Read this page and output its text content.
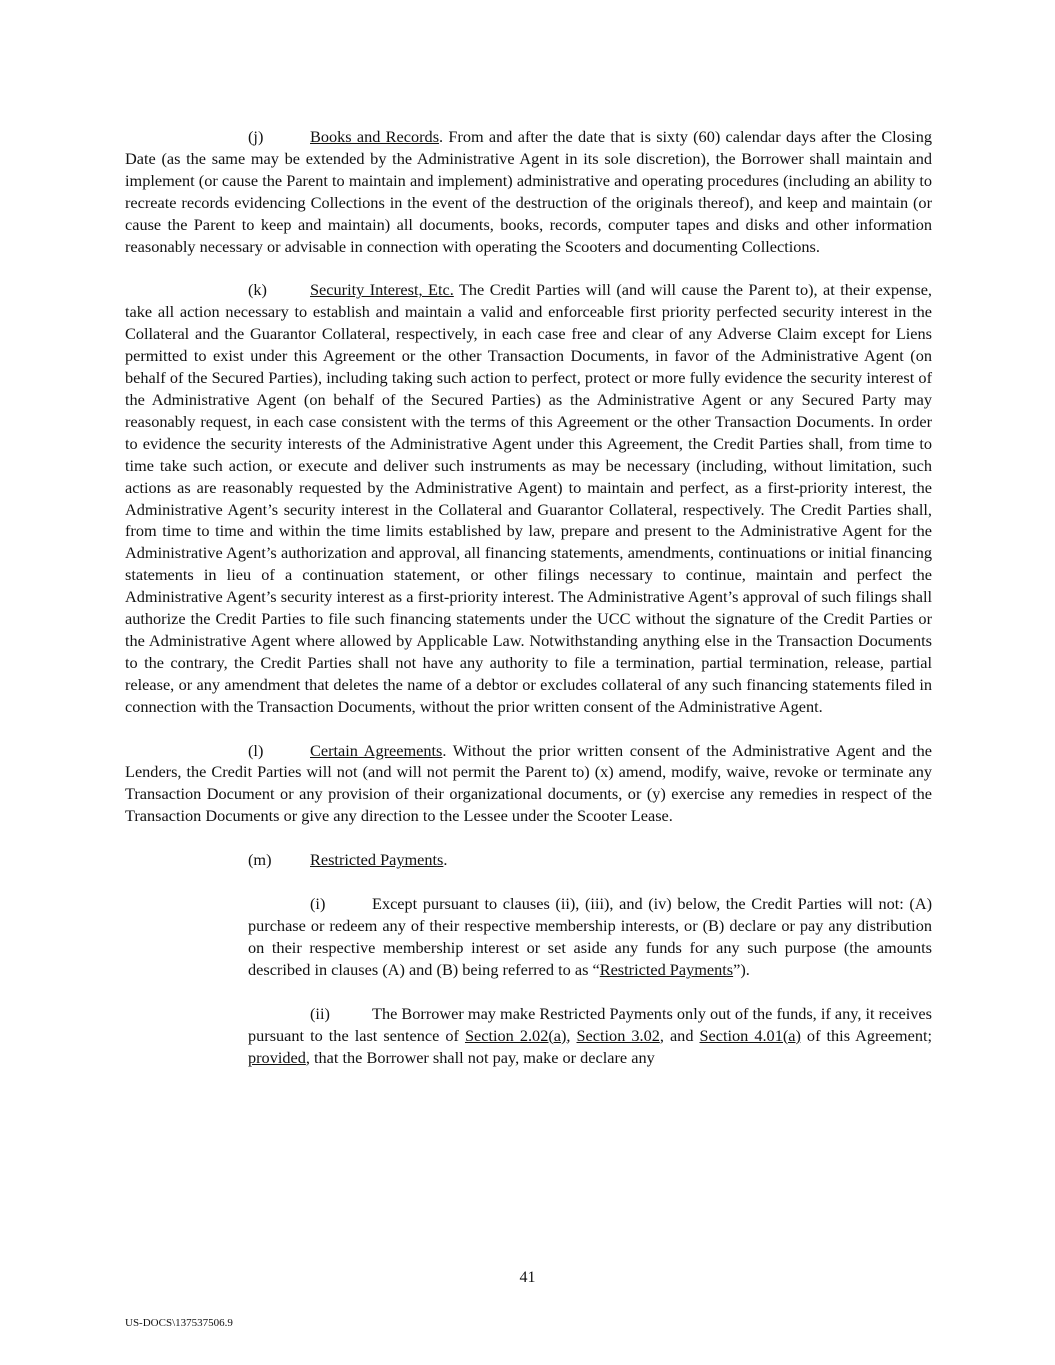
(j)	Books and Records. From and after the date that is sixty (60) calendar days after the Closing Date (as the same may be extended by the Administrative Agent in its sole discretion), the Borrower shall maintain and implement (or cause the Parent to maintain and implement) administrative and operating procedures (including an ability to recreate records evidencing Collections in the event of the destruction of the originals thereof), and keep and maintain (or cause the Parent to keep and maintain) all documents, books, records, computer tapes and disks and other information reasonably necessary or advisable in connection with operating the Scooters and documenting Collections.

(k)	Security Interest, Etc. The Credit Parties will (and will cause the Parent to), at their expense, take all action necessary to establish and maintain a valid and enforceable first priority perfected security interest in the Collateral and the Guarantor Collateral, respectively, in each case free and clear of any Adverse Claim except for Liens permitted to exist under this Agreement or the other Transaction Documents, in favor of the Administrative Agent (on behalf of the Secured Parties), including taking such action to perfect, protect or more fully evidence the security interest of the Administrative Agent (on behalf of the Secured Parties) as the Administrative Agent or any Secured Party may reasonably request, in each case consistent with the terms of this Agreement or the other Transaction Documents. In order to evidence the security interests of the Administrative Agent under this Agreement, the Credit Parties shall, from time to time take such action, or execute and deliver such instruments as may be necessary (including, without limitation, such actions as are reasonably requested by the Administrative Agent) to maintain and perfect, as a first-priority interest, the Administrative Agent’s security interest in the Collateral and Guarantor Collateral, respectively. The Credit Parties shall, from time to time and within the time limits established by law, prepare and present to the Administrative Agent for the Administrative Agent’s authorization and approval, all financing statements, amendments, continuations or initial financing statements in lieu of a continuation statement, or other filings necessary to continue, maintain and perfect the Administrative Agent’s security interest as a first-priority interest. The Administrative Agent’s approval of such filings shall authorize the Credit Parties to file such financing statements under the UCC without the signature of the Credit Parties or the Administrative Agent where allowed by Applicable Law. Notwithstanding anything else in the Transaction Documents to the contrary, the Credit Parties shall not have any authority to file a termination, partial termination, release, partial release, or any amendment that deletes the name of a debtor or excludes collateral of any such financing statements filed in connection with the Transaction Documents, without the prior written consent of the Administrative Agent.

(l)	Certain Agreements. Without the prior written consent of the Administrative Agent and the Lenders, the Credit Parties will not (and will not permit the Parent to) (x) amend, modify, waive, revoke or terminate any Transaction Document or any provision of their organizational documents, or (y) exercise any remedies in respect of the Transaction Documents or give any direction to the Lessee under the Scooter Lease.

(m) Restricted Payments.

(i)	Except pursuant to clauses (ii), (iii), and (iv) below, the Credit Parties will not: (A) purchase or redeem any of their respective membership interests, or (B) declare or pay any distribution on their respective membership interest or set aside any funds for any such purpose (the amounts described in clauses (A) and (B) being referred to as “Restricted Payments”).

(ii)	The Borrower may make Restricted Payments only out of the funds, if any, it receives pursuant to the last sentence of Section 2.02(a), Section 3.02, and Section 4.01(a) of this Agreement; provided, that the Borrower shall not pay, make or declare any

41
US-DOCS\137537506.9
